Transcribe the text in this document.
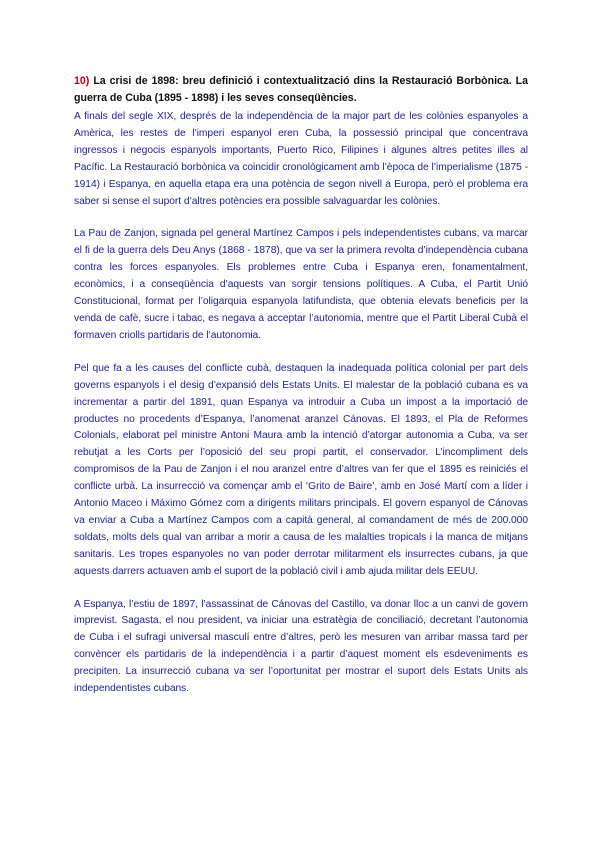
10) La crisi de 1898: breu definició i contextualització dins la Restauració Borbònica. La guerra de Cuba (1895 - 1898) i les seves conseqüències.

A finals del segle XIX, després de la independència de la major part de les colònies espanyoles a Amèrica, les restes de l’imperi espanyol eren Cuba, la possessió principal que concentrava ingressos i negocis espanyols importants, Puerto Rico, Filipines i algunes altres petites illes al Pacífic. La Restauració borbònica va coincidir cronològicament amb l’època de l’imperialisme (1875 - 1914) i Espanya, en aquella etapa era una potència de segon nivell a Europa, però el problema era saber si sense el suport d’altres potències era possible salvaguardar les colònies.

La Pau de Zanjon, signada pel general Martínez Campos i pels independentistes cubans, va marcar el fi de la guerra dels Deu Anys (1868 - 1878), que va ser la primera revolta d’independència cubana contra les forces espanyoles. Els problemes entre Cuba i Espanya eren, fonamentalment, econòmics, i a conseqüència d’aquests van sorgir tensions polítiques. A Cuba, el Partit Unió Constitucional, format per l’oligarquia espanyola latifundista, que obtenia elevats beneficis per la venda de cafè, sucre i tabac, es negava a acceptar l’autonomia, mentre que el Partit Liberal Cubà el formaven criolls partidaris de l’autonomia.

Pel que fa a les causes del conflicte cubà, destaquen la inadequada política colonial per part dels governs espanyols i el desig d’expansió dels Estats Units. El malestar de la població cubana es va incrementar a partir del 1891, quan Espanya va introduir a Cuba un impost a la importació de productes no procedents d’Espanya, l’anomenat aranzel Cánovas. El 1893, el Pla de Reformes Colonials, elaborat pel ministre Antoni Maura amb la intenció d’atorgar autonomia a Cuba, va ser rebutjat a les Corts per l’oposició del seu propi partit, el conservador. L’incompliment dels compromisos de la Pau de Zanjon i el nou aranzel entre d’altres van fer que el 1895 es reiniciés el conflicte urbà. La insurrecció va començar amb el ‘Grito de Baire’, amb en José Martí com a líder i Antonio Maceo i Máximo Gómez com a dirigents militars principals. El govern espanyol de Cánovas va enviar a Cuba a Martínez Campos com a capità general, al comandament de més de 200.000 soldats, molts dels qual van arribar a morir a causa de les malalties tropicals i la manca de mitjans sanitaris. Les tropes espanyoles no van poder derrotar militarment els insurrectes cubans, ja que aquests darrers actuaven amb el suport de la població civil i amb ajuda militar dels EEUU.

A Espanya, l’estiu de 1897, l’assassinat de Cánovas del Castillo, va donar lloc a un canvi de govern imprevist. Sagasta, el nou president, va iniciar una estratègia de conciliació, decretant l’autonomia de Cuba i el sufragi universal masculí entre d’altres, però les mesuren van arribar massa tard per convèncer els partidaris de la independència i a partir d’aquest moment els esdeveniments es precipiten. La insurrecció cubana va ser l’oportunitat per mostrar el suport dels Estats Units als independentistes cubans.
